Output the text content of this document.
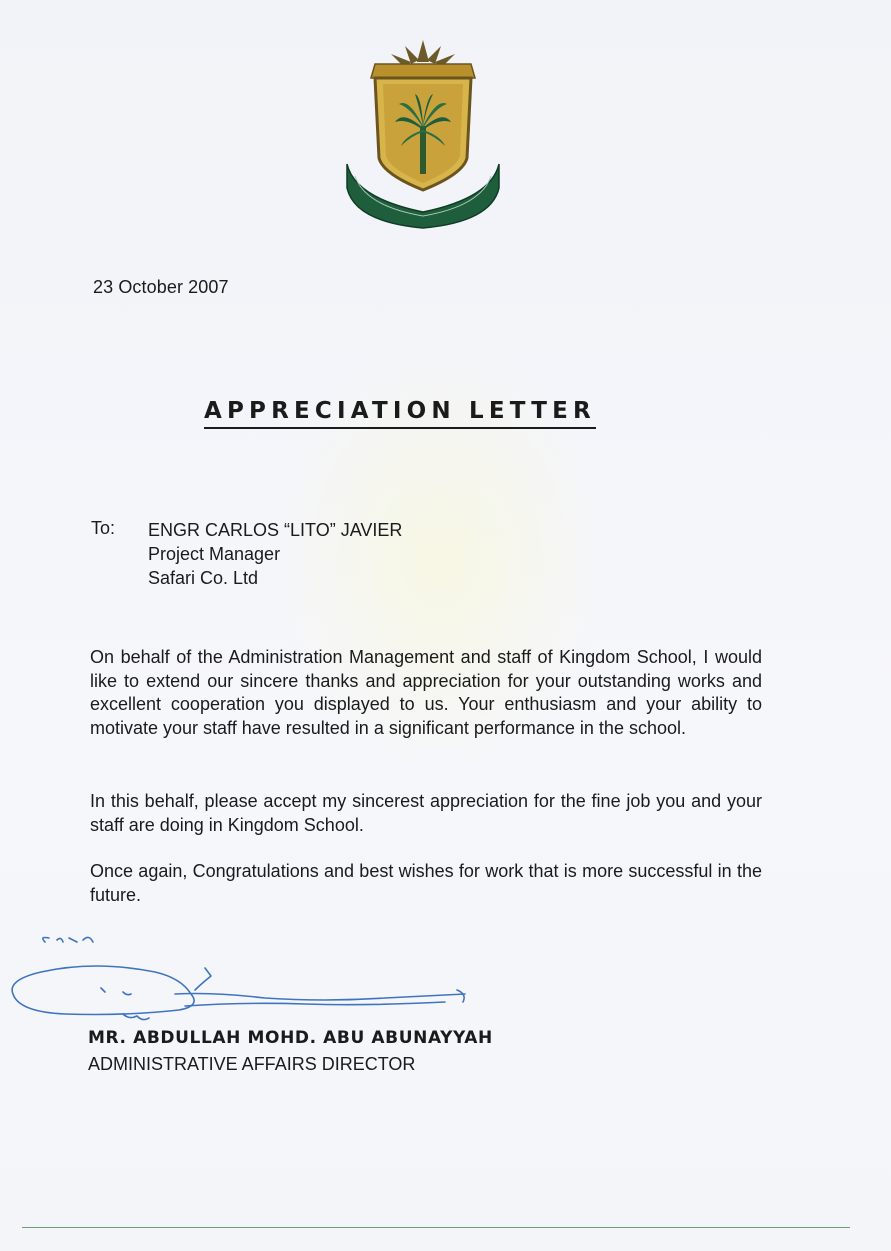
23 October 2007
APPRECIATION LETTER
To: ENGR CARLOS “LITO” JAVIER
Project Manager
Safari Co. Ltd
On behalf of the Administration Management and staff of Kingdom School, I would like to extend our sincere thanks and appreciation for your outstanding works and excellent cooperation you displayed to us. Your enthusiasm and your ability to motivate your staff have resulted in a significant performance in the school.
In this behalf, please accept my sincerest appreciation for the fine job you and your staff are doing in Kingdom School.
Once again, Congratulations and best wishes for work that is more successful in the future.
MR. ABDULLAH MOHD. ABU ABUNAYYAH
ADMINISTRATIVE AFFAIRS DIRECTOR
